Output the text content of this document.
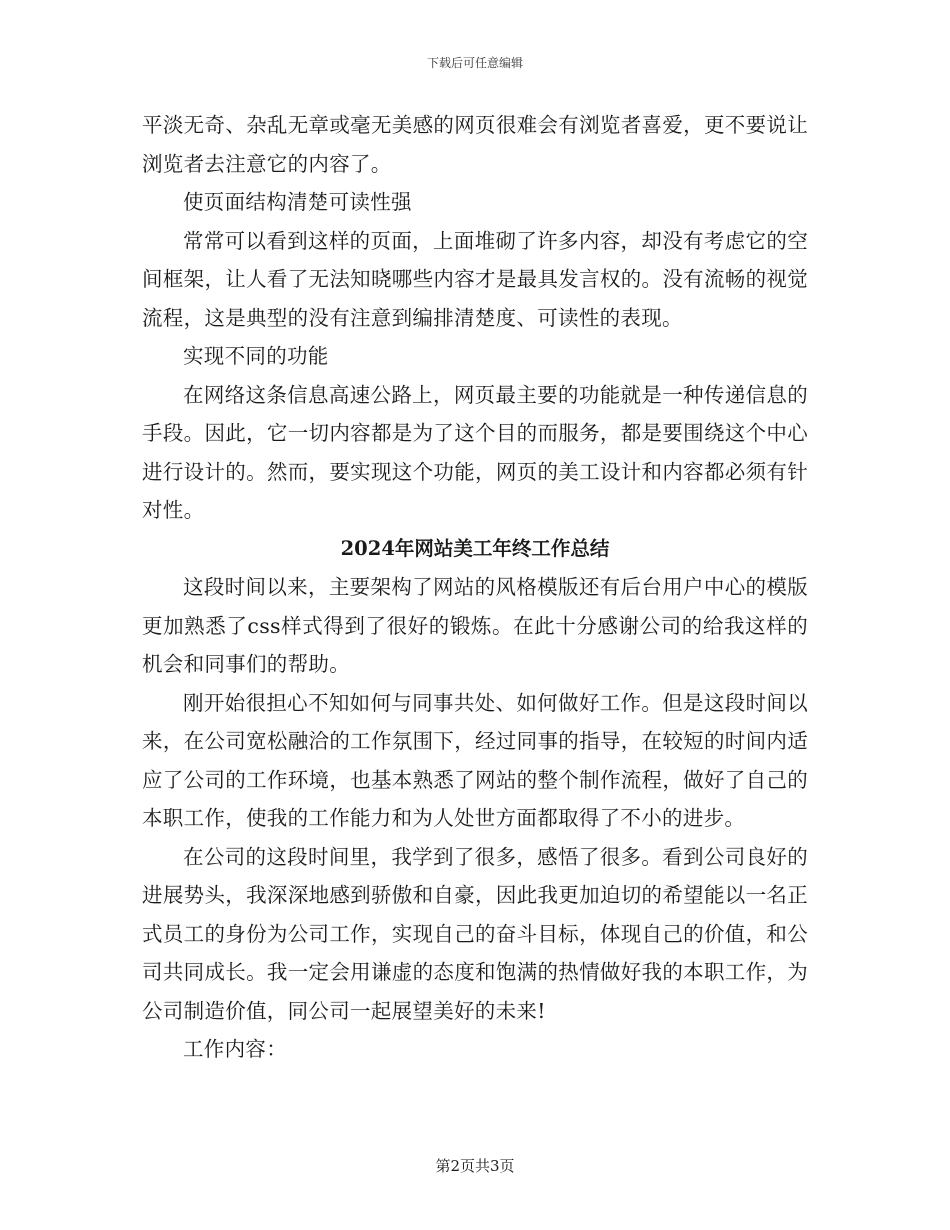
下载后可任意编辑

平淡无奇、杂乱无章或毫无美感的网页很难会有浏览者喜爱，更不要说让浏览者去注意它的内容了。

使页面结构清楚可读性强

常常可以看到这样的页面，上面堆砌了许多内容，却没有考虑它的空间框架，让人看了无法知晓哪些内容才是最具发言权的。没有流畅的视觉流程，这是典型的没有注意到编排清楚度、可读性的表现。

实现不同的功能

在网络这条信息高速公路上，网页最主要的功能就是一种传递信息的手段。因此，它一切内容都是为了这个目的而服务，都是要围绕这个中心进行设计的。然而，要实现这个功能，网页的美工设计和内容都必须有针对性。

2024年网站美工年终工作总结

这段时间以来，主要架构了网站的风格模版还有后台用户中心的模版更加熟悉了css样式得到了很好的锻炼。在此十分感谢公司的给我这样的机会和同事们的帮助。

刚开始很担心不知如何与同事共处、如何做好工作。但是这段时间以来，在公司宽松融洽的工作氛围下，经过同事的指导，在较短的时间内适应了公司的工作环境，也基本熟悉了网站的整个制作流程，做好了自己的本职工作，使我的工作能力和为人处世方面都取得了不小的进步。

在公司的这段时间里，我学到了很多，感悟了很多。看到公司良好的进展势头，我深深地感到骄傲和自豪，因此我更加迫切的希望能以一名正式员工的身份为公司工作，实现自己的奋斗目标，体现自己的价值，和公司共同成长。我一定会用谦虚的态度和饱满的热情做好我的本职工作，为公司制造价值，同公司一起展望美好的未来!

工作内容：

第2页共3页
